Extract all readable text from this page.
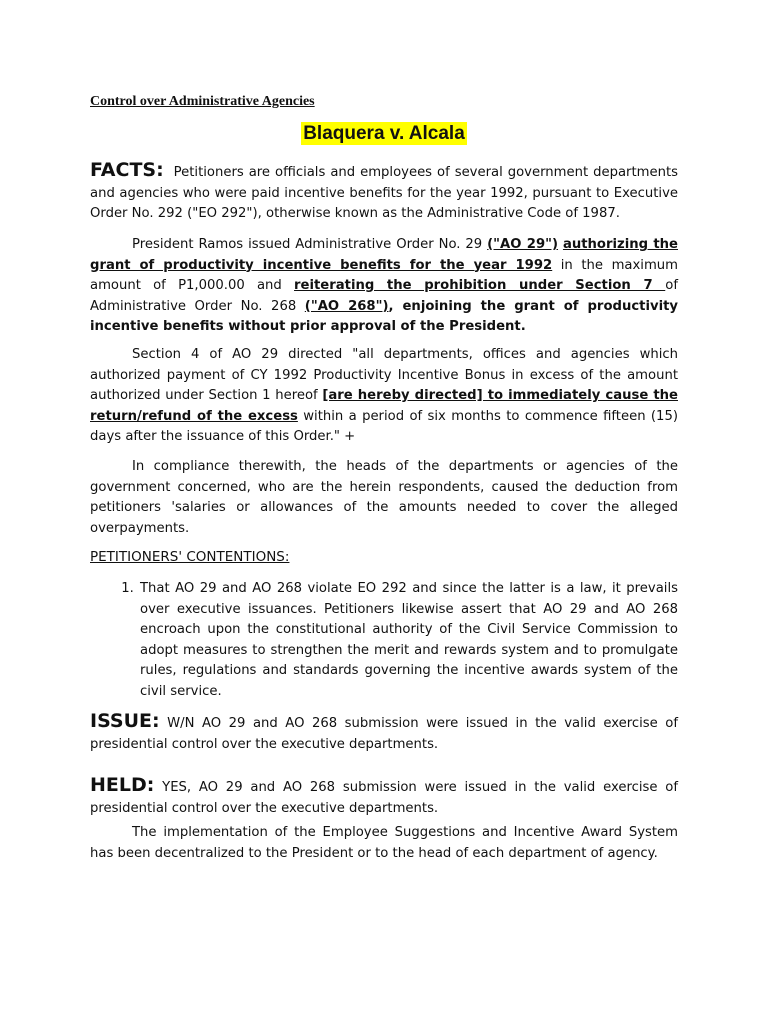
Control over Administrative Agencies
Blaquera v. Alcala

FACTS: Petitioners are officials and employees of several government departments and agencies who were paid incentive benefits for the year 1992, pursuant to Executive Order No. 292 ("EO 292"), otherwise known as the Administrative Code of 1987.

President Ramos issued Administrative Order No. 29 ("AO 29") authorizing the grant of productivity incentive benefits for the year 1992 in the maximum amount of P1,000.00 and reiterating the prohibition under Section 7 of Administrative Order No. 268 ("AO 268"), enjoining the grant of productivity incentive benefits without prior approval of the President.

Section 4 of AO 29 directed "all departments, offices and agencies which authorized payment of CY 1992 Productivity Incentive Bonus in excess of the amount authorized under Section 1 hereof [are hereby directed] to immediately cause the return/refund of the excess within a period of six months to commence fifteen (15) days after the issuance of this Order." +

In compliance therewith, the heads of the departments or agencies of the government concerned, who are the herein respondents, caused the deduction from petitioners 'salaries or allowances of the amounts needed to cover the alleged overpayments.

PETITIONERS' CONTENTIONS:

1. That AO 29 and AO 268 violate EO 292 and since the latter is a law, it prevails over executive issuances. Petitioners likewise assert that AO 29 and AO 268 encroach upon the constitutional authority of the Civil Service Commission to adopt measures to strengthen the merit and rewards system and to promulgate rules, regulations and standards governing the incentive awards system of the civil service.

ISSUE: W/N AO 29 and AO 268 submission were issued in the valid exercise of presidential control over the executive departments.

HELD: YES, AO 29 and AO 268 submission were issued in the valid exercise of presidential control over the executive departments.

The implementation of the Employee Suggestions and Incentive Award System has been decentralized to the President or to the head of each department of agency.
